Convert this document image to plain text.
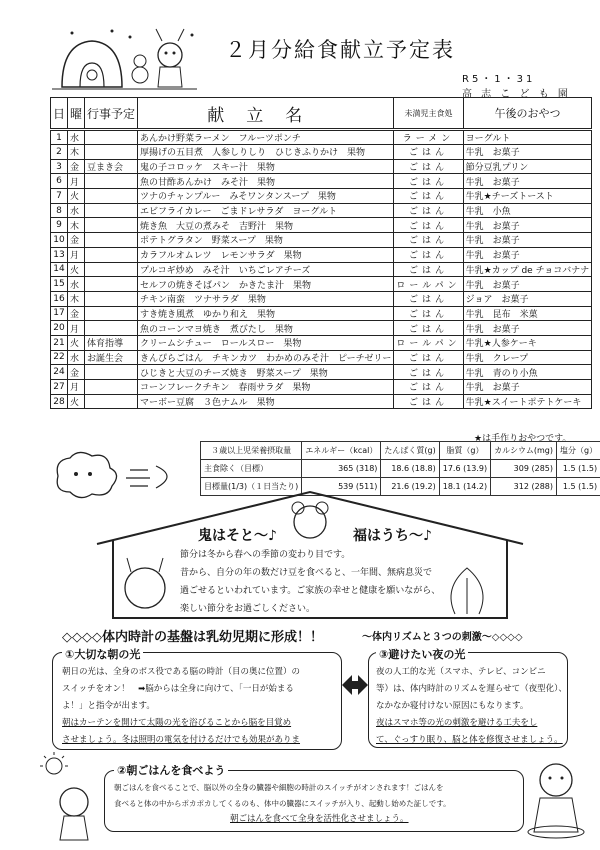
２月分給食献立予定表
R5・1・31
高 志 こ ど も 園
日	曜	行事予定	献立名	未満児主食処	午後のおやつ
1	水		あんかけ野菜ラーメン　フルーツポンチ	ラーメン	ヨーグルト
2	木		厚揚げの五目煮　人参しりしり　ひじきふりかけ　果物	ごはん	牛乳　お菓子
3	金	豆まき会	鬼の子コロッケ　スキー汁　果物	ごはん	節分豆乳プリン
6	月		魚の甘酢あんかけ　みそ汁　果物	ごはん	牛乳　お菓子
7	火		ツナのチャンプルー　みそワンタンスープ　果物	ごはん	牛乳★チーズトースト
8	水		エビフライカレー　ごまドレサラダ　ヨーグルト	ごはん	牛乳　小魚
9	木		焼き魚　大豆の煮みそ　吉野汁　果物	ごはん	牛乳　お菓子
10	金		ポテトグラタン　野菜スープ　果物	ごはん	牛乳　お菓子
13	月		カラフルオムレツ　レモンサラダ　果物	ごはん	牛乳　お菓子
14	火		プルコギ炒め　みそ汁　いちごレアチーズ	ごはん	牛乳★カップ de チョコバナナ
15	水		セルフの焼きそばパン　かきたま汁　果物	ロールパン	牛乳　お菓子
16	木		チキン南蛮　ツナサラダ　果物	ごはん	ジョア　お菓子
17	金		すき焼き風煮　ゆかり和え　果物	ごはん	牛乳　昆布　米菓
20	月		魚のコーンマヨ焼き　煮びたし　果物	ごはん	牛乳　お菓子
21	火	体育指導	クリームシチュー　ロールスロー　果物	ロールパン	牛乳★人参ケーキ
22	水	お誕生会	きんぴらごはん　チキンカツ　わかめのみそ汁　ピーチゼリー	ごはん	牛乳　クレープ
24	金		ひじきと大豆のチーズ焼き　野菜スープ　果物	ごはん	牛乳　青のり小魚
27	月		コーンフレークチキン　春雨サラダ　果物	ごはん	牛乳　お菓子
28	火		マーボー豆腐　３色ナムル　果物	ごはん	牛乳★スイートポテトケーキ
★は手作りおやつです。
３歳以上児栄養摂取量	エネルギー（kcal）	たんぱく質(g)	脂質（g）	カルシウム(mg)	塩分（g）
主食除く（目標）	365 (318)	18.6 (18.8)	17.6 (13.9)	309 (285)	1.5 (1.5)
目標量(1/3)（１日当たり)	539 (511)	21.6 (19.2)	18.1 (14.2)	312 (288)	1.5 (1.5)
鬼はそと～♪	福はうち～♪
節分は冬から春への季節の変わり目です。
昔から、自分の年の数だけ豆を食べると、一年間、無病息災で
過ごせるといわれています。ご家族の幸せと健康を願いながら、
楽しい節分をお過ごしください。
◇◇◇◇体内時計の基盤は乳幼児期に形成！！	～体内リズムと３つの刺激～◇◇◇◇
①大切な朝の光
朝日の光は、全身のボス役である脳の時計（目の奥に位置）の
スイッチをオン！　➡脳からは全身に向けて、「一日が始まる
よ！」と指令が出ます。
朝はカーテンを開けて太陽の光を浴びることから脳を目覚め
させましょう。冬は照明の電気を付けるだけでも効果がありま
③避けたい夜の光
夜の人工的な光（スマホ、テレビ、コンビニ
等）は、体内時計のリズムを遅らせて（夜型化）、
なかなか寝付けない原因にもなります。
夜はスマホ等の光の刺激を避ける工夫をし
て、ぐっすり眠り、脳と体を修復させましょう。
②朝ごはんを食べよう
朝ごはんを食べることで、脳以外の全身の臓器や細胞の時計のスイッチがオンされます！ごはんを
食べると体の中からポカポカしてくるのも、体中の臓器にスイッチが入り、起動し始めた証しです。
朝ごはんを食べて全身を活性化させましょう。
